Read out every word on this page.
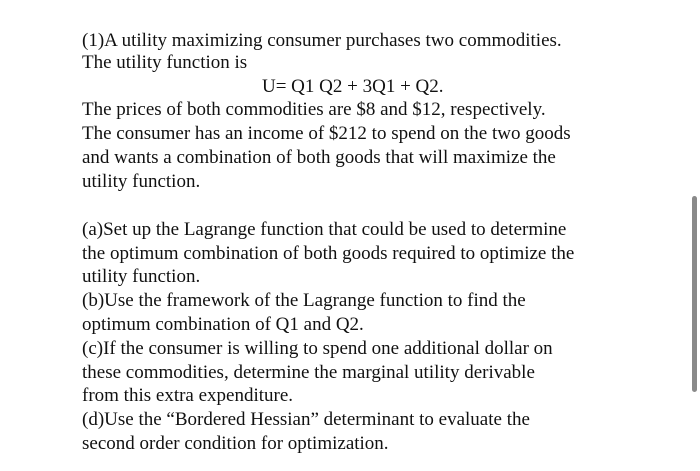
(1)A utility maximizing consumer purchases two commodities.
The utility function is
U= Q1 Q2 + 3Q1 + Q2.
The prices of both commodities are $8 and $12, respectively.
The consumer has an income of $212 to spend on the two goods
and wants a combination of both goods that will maximize the
utility function.
(a)Set up the Lagrange function that could be used to determine
the optimum combination of both goods required to optimize the
utility function.
(b)Use the framework of the Lagrange function to find the
optimum combination of Q1 and Q2.
(c)If the consumer is willing to spend one additional dollar on
these commodities, determine the marginal utility derivable
from this extra expenditure.
(d)Use the “Bordered Hessian” determinant to evaluate the
second order condition for optimization.
